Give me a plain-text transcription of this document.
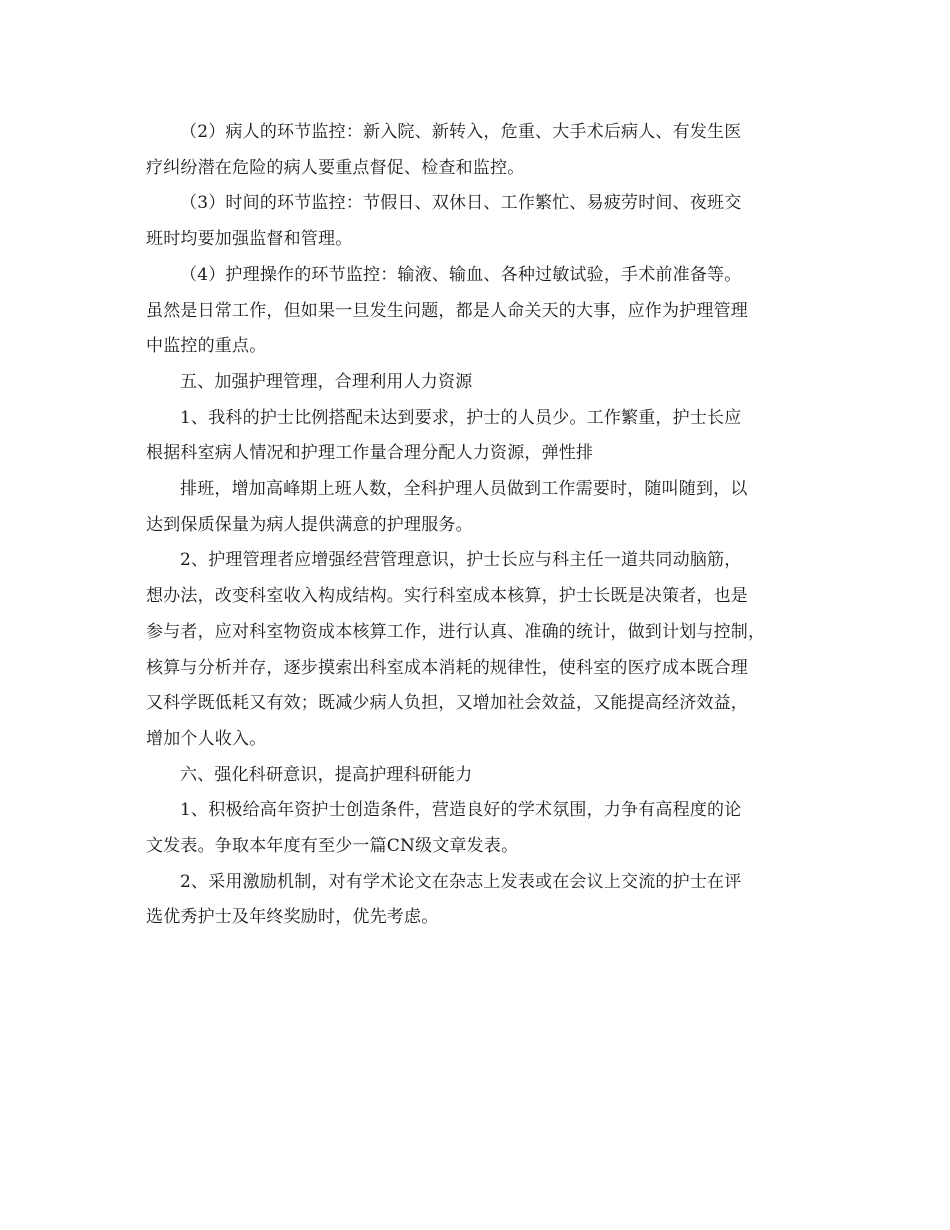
（2）病人的环节监控：新入院、新转入，危重、大手术后病人、有发生医
疗纠纷潜在危险的病人要重点督促、检查和监控。

（3）时间的环节监控：节假日、双休日、工作繁忙、易疲劳时间、夜班交
班时均要加强监督和管理。

（4）护理操作的环节监控：输液、输血、各种过敏试验，手术前准备等。
虽然是日常工作，但如果一旦发生问题，都是人命关天的大事，应作为护理管理
中监控的重点。

五、加强护理管理，合理利用人力资源

1、我科的护士比例搭配未达到要求，护士的人员少。工作繁重，护士长应
根据科室病人情况和护理工作量合理分配人力资源，弹性排

排班，增加高峰期上班人数，全科护理人员做到工作需要时，随叫随到，以
达到保质保量为病人提供满意的护理服务。

2、护理管理者应增强经营管理意识，护士长应与科主任一道共同动脑筋，
想办法，改变科室收入构成结构。实行科室成本核算，护士长既是决策者，也是
参与者，应对科室物资成本核算工作，进行认真、准确的统计，做到计划与控制，
核算与分析并存，逐步摸索出科室成本消耗的规律性，使科室的医疗成本既合理
又科学既低耗又有效；既减少病人负担，又增加社会效益，又能提高经济效益，
增加个人收入。

六、强化科研意识，提高护理科研能力

1、积极给高年资护士创造条件，营造良好的学术氛围，力争有高程度的论
文发表。争取本年度有至少一篇CN级文章发表。

2、采用激励机制，对有学术论文在杂志上发表或在会议上交流的护士在评
选优秀护士及年终奖励时，优先考虑。
